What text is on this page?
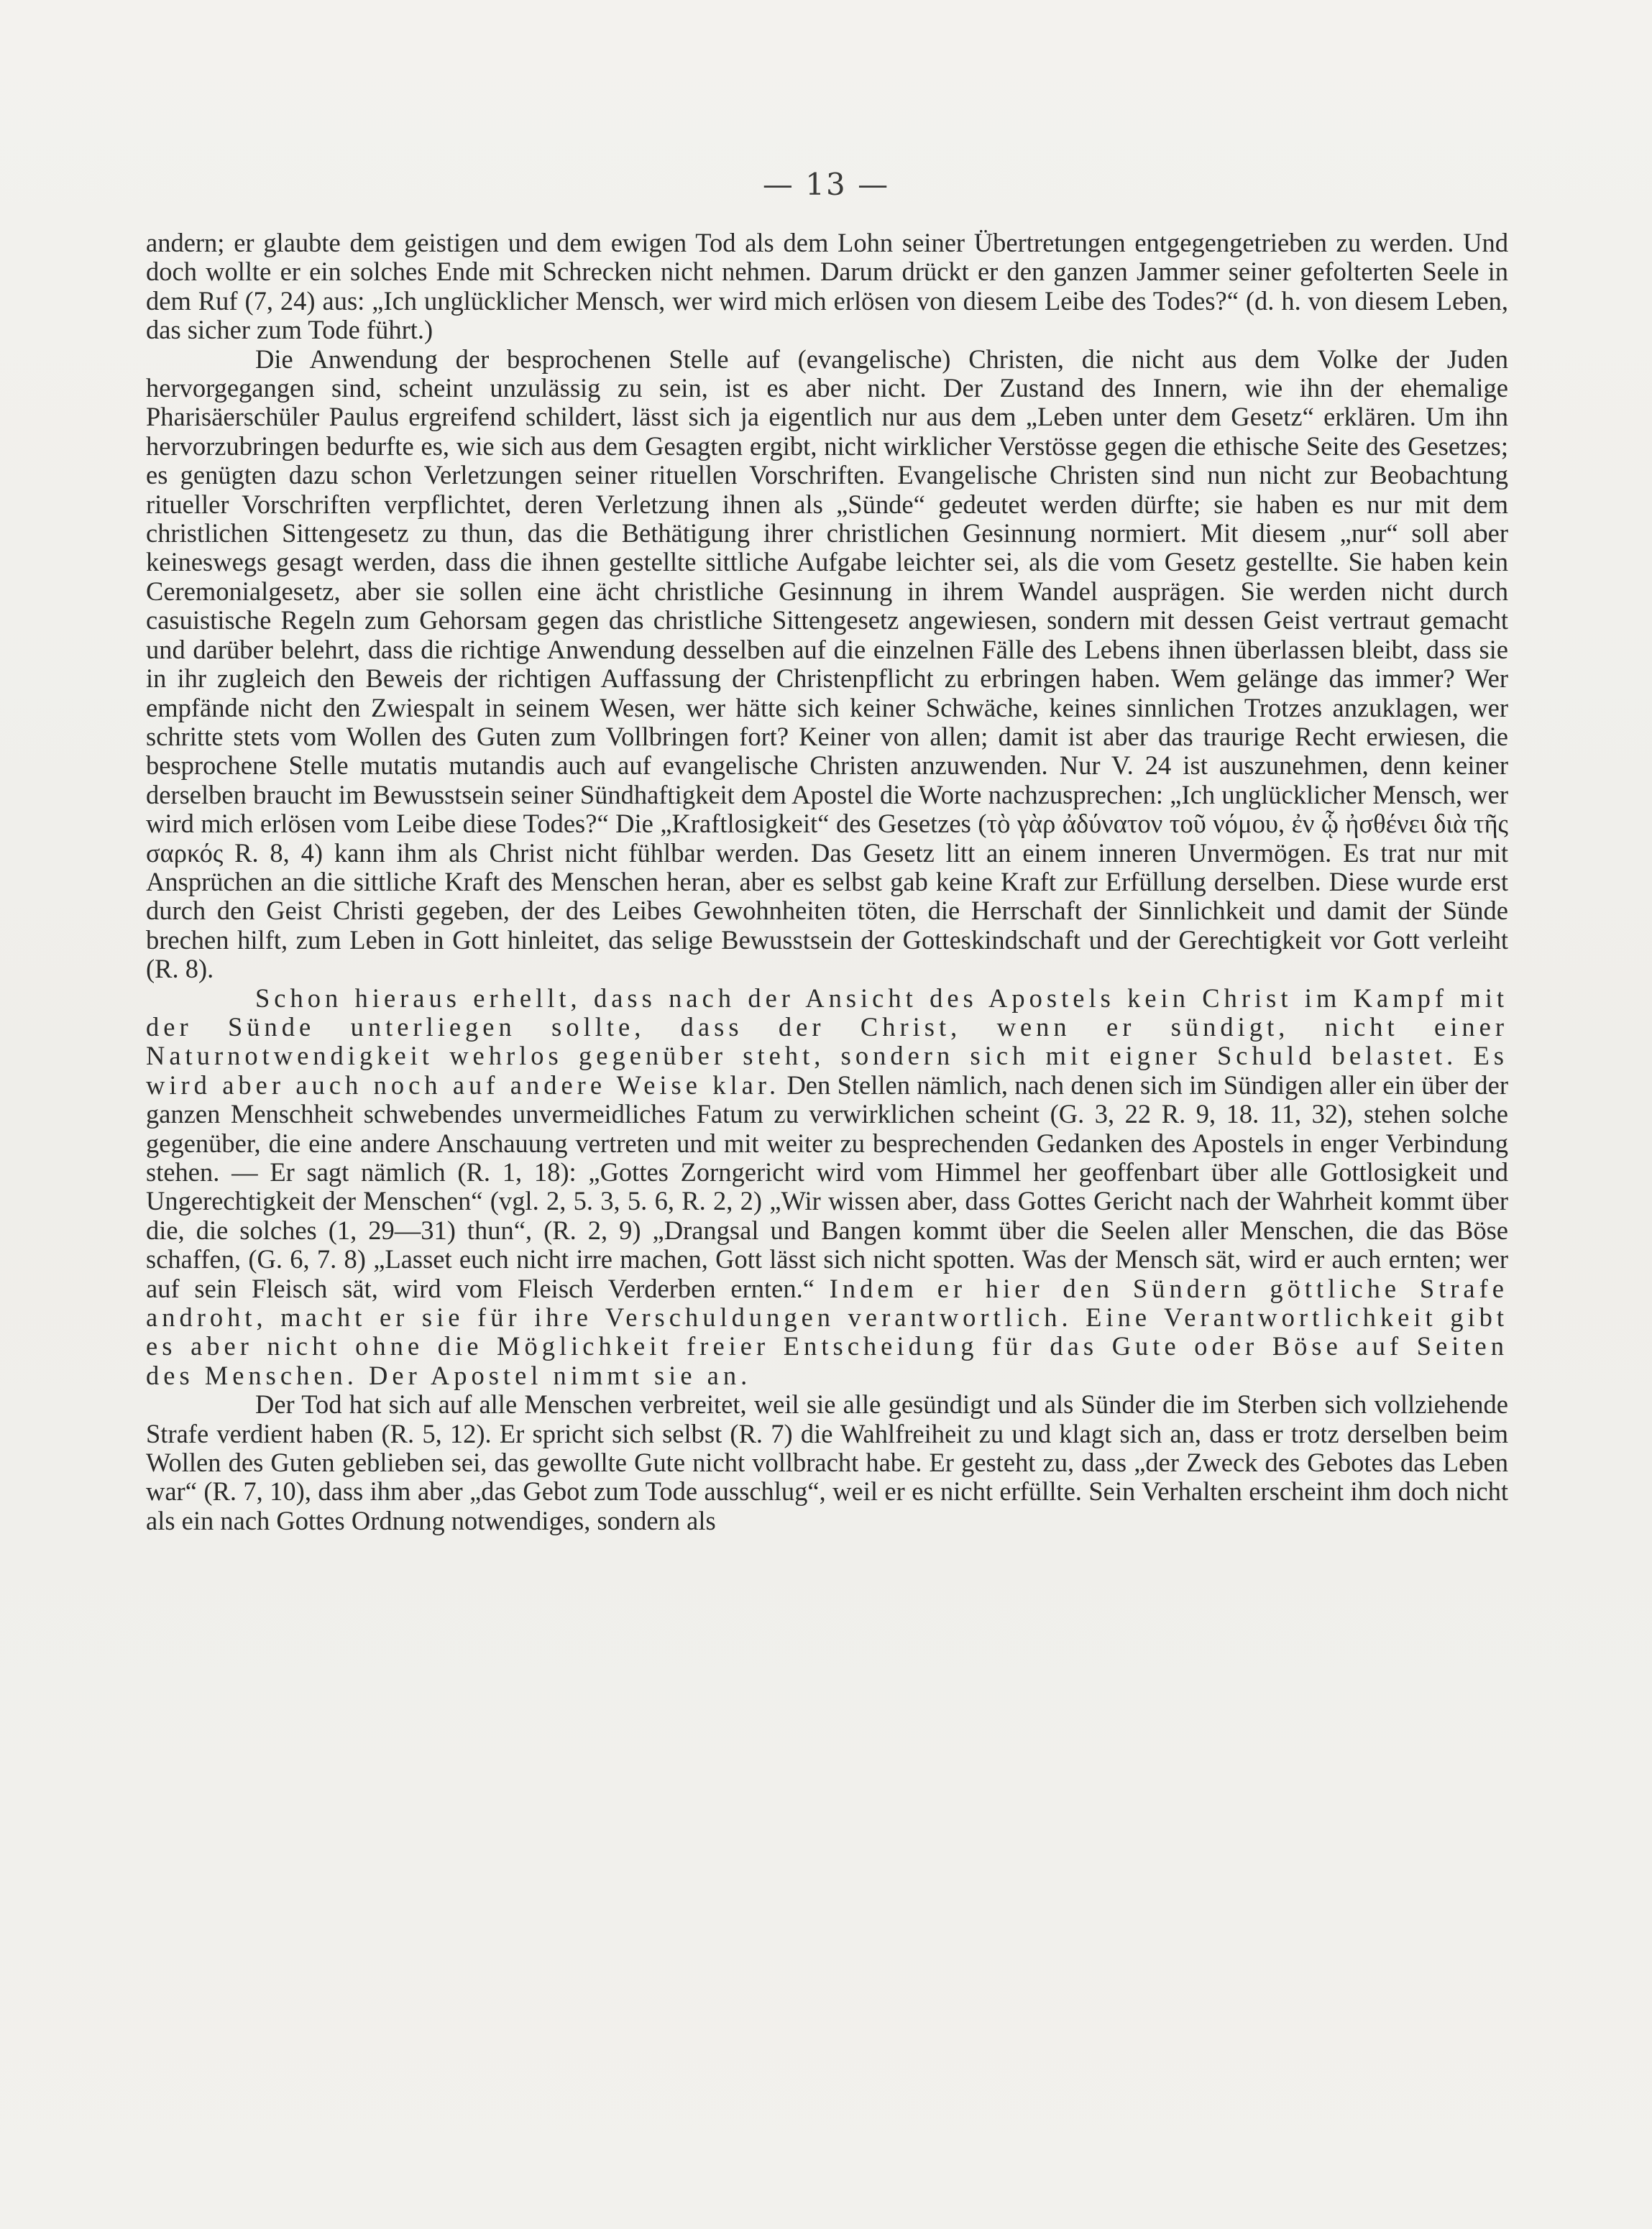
— 13 —

andern; er glaubte dem geistigen und dem ewigen Tod als dem Lohn seiner Übertretungen entgegengetrieben zu werden. Und doch wollte er ein solches Ende mit Schrecken nicht nehmen. Darum drückt er den ganzen Jammer seiner gefolterten Seele in dem Ruf (7, 24) aus: „Ich unglücklicher Mensch, wer wird mich erlösen von diesem Leibe des Todes?“ (d. h. von diesem Leben, das sicher zum Tode führt.)

Die Anwendung der besprochenen Stelle auf (evangelische) Christen, die nicht aus dem Volke der Juden hervorgegangen sind, scheint unzulässig zu sein, ist es aber nicht. Der Zustand des Innern, wie ihn der ehemalige Pharisäerschüler Paulus ergreifend schildert, lässt sich ja eigentlich nur aus dem „Leben unter dem Gesetz“ erklären. Um ihn hervorzubringen bedurfte es, wie sich aus dem Gesagten ergibt, nicht wirklicher Verstösse gegen die ethische Seite des Gesetzes; es genügten dazu schon Verletzungen seiner rituellen Vorschriften. Evangelische Christen sind nun nicht zur Beobachtung ritueller Vorschriften verpflichtet, deren Verletzung ihnen als „Sünde“ gedeutet werden dürfte; sie haben es nur mit dem christlichen Sittengesetz zu thun, das die Bethätigung ihrer christlichen Gesinnung normiert. Mit diesem „nur“ soll aber keineswegs gesagt werden, dass die ihnen gestellte sittliche Aufgabe leichter sei, als die vom Gesetz gestellte. Sie haben kein Ceremonialgesetz, aber sie sollen eine ächt christliche Gesinnung in ihrem Wandel ausprägen. Sie werden nicht durch casuistische Regeln zum Gehorsam gegen das christliche Sittengesetz angewiesen, sondern mit dessen Geist vertraut gemacht und darüber belehrt, dass die richtige Anwendung desselben auf die einzelnen Fälle des Lebens ihnen überlassen bleibt, dass sie in ihr zugleich den Beweis der richtigen Auffassung der Christenpflicht zu erbringen haben. Wem gelänge das immer? Wer empfände nicht den Zwiespalt in seinem Wesen, wer hätte sich keiner Schwäche, keines sinnlichen Trotzes anzuklagen, wer schritte stets vom Wollen des Guten zum Vollbringen fort? Keiner von allen; damit ist aber das traurige Recht erwiesen, die besprochene Stelle mutatis mutandis auch auf evangelische Christen anzuwenden. Nur V. 24 ist auszunehmen, denn keiner derselben braucht im Bewusstsein seiner Sündhaftigkeit dem Apostel die Worte nachzusprechen: „Ich unglücklicher Mensch, wer wird mich erlösen vom Leibe diese Todes?“ Die „Kraftlosigkeit“ des Gesetzes (τὸ γὰρ ἀδύνατον τοῦ νόμου, ἐν ᾧ ἠσθένει διὰ τῆς σαρκός R. 8, 4) kann ihm als Christ nicht fühlbar werden. Das Gesetz litt an einem inneren Unvermögen. Es trat nur mit Ansprüchen an die sittliche Kraft des Menschen heran, aber es selbst gab keine Kraft zur Erfüllung derselben. Diese wurde erst durch den Geist Christi gegeben, der des Leibes Gewohnheiten töten, die Herrschaft der Sinnlichkeit und damit der Sünde brechen hilft, zum Leben in Gott hinleitet, das selige Bewusstsein der Gotteskindschaft und der Gerechtigkeit vor Gott verleiht (R. 8).

Schon hieraus erhellt, dass nach der Ansicht des Apostels kein Christ im Kampf mit der Sünde unterliegen sollte, dass der Christ, wenn er sündigt, nicht einer Naturnotwendigkeit wehrlos gegenüber steht, sondern sich mit eigner Schuld belastet. Es wird aber auch noch auf andere Weise klar. Den Stellen nämlich, nach denen sich im Sündigen aller ein über der ganzen Menschheit schwebendes unvermeidliches Fatum zu verwirklichen scheint (G. 3, 22 R. 9, 18. 11, 32), stehen solche gegenüber, die eine andere Anschauung vertreten und mit weiter zu besprechenden Gedanken des Apostels in enger Verbindung stehen. — Er sagt nämlich (R. 1, 18): „Gottes Zorngericht wird vom Himmel her geoffenbart über alle Gottlosigkeit und Ungerechtigkeit der Menschen“ (vgl. 2, 5. 3, 5. 6, R. 2, 2) „Wir wissen aber, dass Gottes Gericht nach der Wahrheit kommt über die, die solches (1, 29—31) thun“, (R. 2, 9) „Drangsal und Bangen kommt über die Seelen aller Menschen, die das Böse schaffen, (G. 6, 7. 8) „Lasset euch nicht irre machen, Gott lässt sich nicht spotten. Was der Mensch sät, wird er auch ernten; wer auf sein Fleisch sät, wird vom Fleisch Verderben ernten.“ Indem er hier den Sündern göttliche Strafe androht, macht er sie für ihre Verschuldungen verantwortlich. Eine Verantwortlichkeit gibt es aber nicht ohne die Möglichkeit freier Entscheidung für das Gute oder Böse auf Seiten des Menschen. Der Apostel nimmt sie an.

Der Tod hat sich auf alle Menschen verbreitet, weil sie alle gesündigt und als Sünder die im Sterben sich vollziehende Strafe verdient haben (R. 5, 12). Er spricht sich selbst (R. 7) die Wahlfreiheit zu und klagt sich an, dass er trotz derselben beim Wollen des Guten geblieben sei, das gewollte Gute nicht vollbracht habe. Er gesteht zu, dass „der Zweck des Gebotes das Leben war“ (R. 7, 10), dass ihm aber „das Gebot zum Tode ausschlug“, weil er es nicht erfüllte. Sein Verhalten erscheint ihm doch nicht als ein nach Gottes Ordnung notwendiges, sondern als
